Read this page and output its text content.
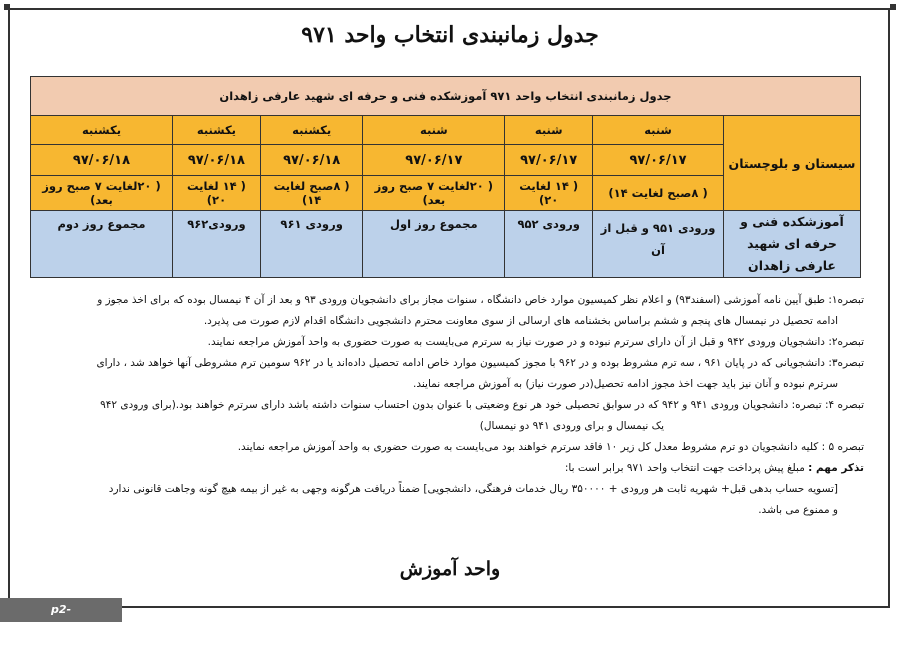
جدول زمانبندی انتخاب واحد ۹۷۱
جدول زمانبندی انتخاب واحد ۹۷۱ آموزشکده فنی و حرفه ای شهید عارفی زاهدان						
سیستان و بلوچستان	شنبه	شنبه	شنبه	یکشنبه	یکشنبه	یکشنبه
	۹۷/۰۶/۱۷	۹۷/۰۶/۱۷	۹۷/۰۶/۱۷	۹۷/۰۶/۱۸	۹۷/۰۶/۱۸	۹۷/۰۶/۱۸
	( ۸صبح لغایت ۱۴)	( ۱۴ لغایت ۲۰)	( ۲۰لغایت ۷ صبح روز بعد)	( ۸صبح لغایت ۱۴)	( ۱۴ لغایت ۲۰)	( ۲۰لغایت ۷ صبح روز بعد)
آموزشکده فنی و حرفه ای شهید عارفی زاهدان	ورودی ۹۵۱ و قبل از آن	ورودی ۹۵۲	مجموع روز اول	ورودی ۹۶۱	ورودی۹۶۲	مجموع روز دوم

تبصره۱: طبق آیین نامه آموزشی (اسفند۹۳) و اعلام نظر کمیسیون موارد خاص دانشگاه ، سنوات مجاز برای دانشجویان ورودی ۹۳ و بعد از آن ۴ نیمسال بوده که برای اخذ مجوز و

ادامه تحصیل در نیمسال های پنجم و ششم براساس بخشنامه های ارسالی از سوی معاونت محترم دانشجویی دانشگاه اقدام لازم صورت می پذیرد.

تبصره۲: دانشجویان ورودی ۹۴۲ و قبل از آن دارای سرترم نبوده و در صورت نیاز به سرترم می‌بایست به صورت حضوری به واحد آموزش مراجعه نمایند.

تبصره۳: دانشجویانی که در پایان ۹۶۱ ، سه ترم مشروط بوده و در ۹۶۲ با مجوز کمیسیون موارد خاص ادامه تحصیل داده‌اند یا در ۹۶۲ سومین ترم مشروطی آنها خواهد شد ، دارای

سرترم نبوده و آنان نیز باید جهت اخذ مجوز ادامه تحصیل(در صورت نیاز) به آموزش مراجعه نمایند.

تبصره ۴: تبصره: دانشجویان ورودی ۹۴۱ و ۹۴۲ که در سوابق تحصیلی خود هر نوع وضعیتی با عنوان بدون احتساب سنوات داشته باشد دارای سرترم خواهند بود.(برای ورودی ۹۴۲

یک نیمسال و برای ورودی ۹۴۱ دو نیمسال)

تبصره ۵ : کلیه دانشجویان دو ترم مشروط معدل کل زیر ۱۰ فاقد سرترم خواهند بود می‌بایست به صورت حضوری به واحد آموزش مراجعه نمایند.

تذکر مهم : مبلغ پیش پرداخت جهت انتخاب واحد ۹۷۱ برابر است با:

[تسویه حساب بدهی قبل+ شهریه ثابت هر ورودی + ۳۵۰۰۰۰ ریال خدمات فرهنگی، دانشجویی] ضمناً دریافت هرگونه وجهی به غیر از بیمه هیچ گونه وجاهت قانونی ندارد

و ممنوع می باشد.

واحد آموزش
p2-zahedan.tvu.ac.ir
